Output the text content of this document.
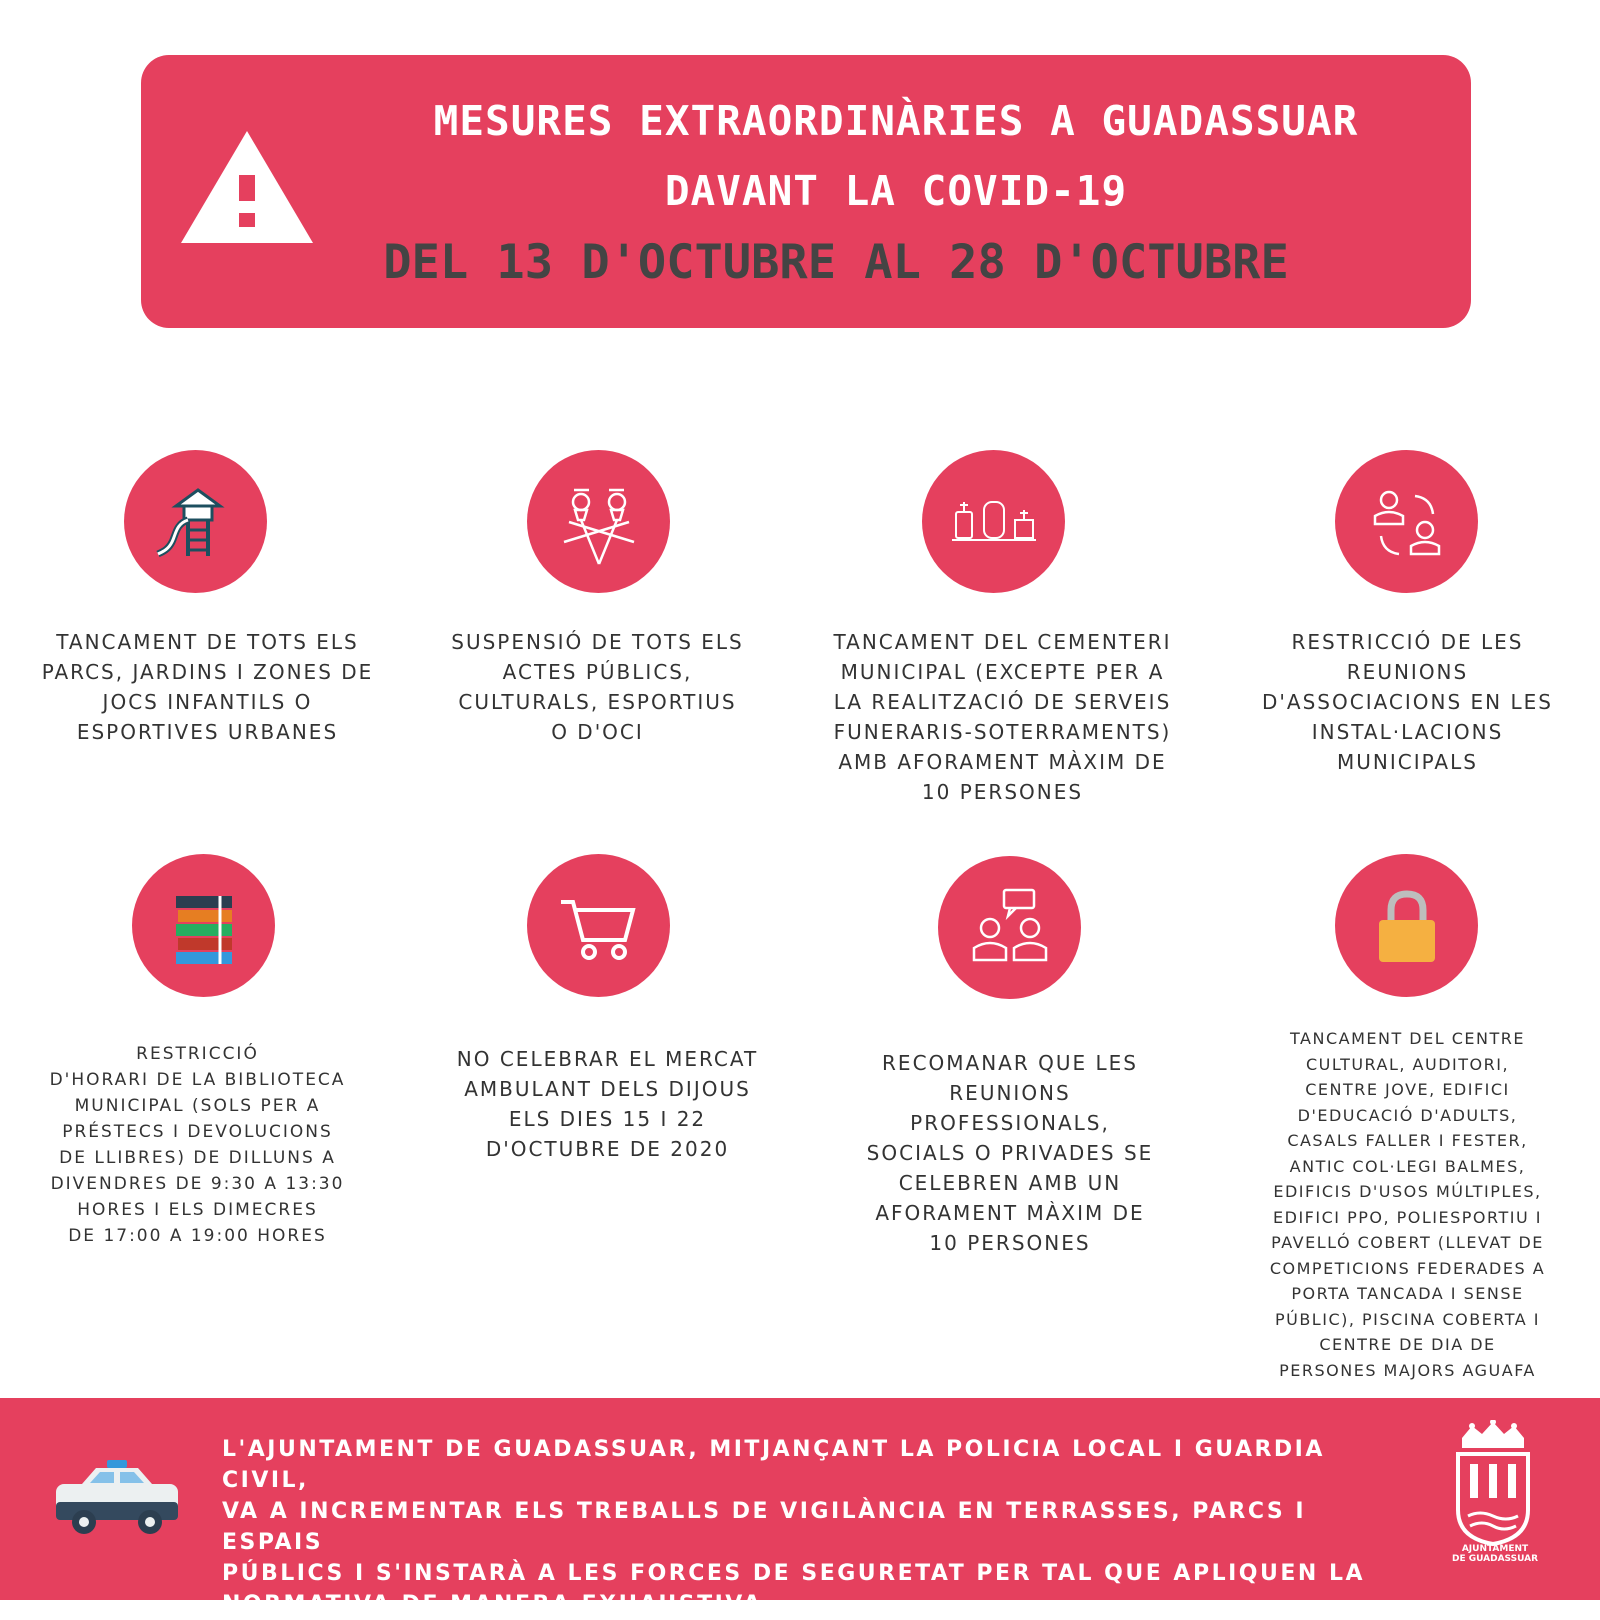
MESURES EXTRAORDINÀRIES A GUADASSUAR
DAVANT LA COVID-19
DEL 13 D'OCTUBRE AL 28 D'OCTUBRE
TANCAMENT DE TOTS ELS
PARCS, JARDINS I ZONES DE
JOCS INFANTILS O
ESPORTIVES URBANES
SUSPENSIÓ DE TOTS ELS
ACTES PÚBLICS,
CULTURALS, ESPORTIUS
O D'OCI
TANCAMENT DEL CEMENTERI
MUNICIPAL (EXCEPTE PER A
LA REALITZACIÓ DE SERVEIS
FUNERARIS-SOTERRAMENTS)
AMB AFORAMENT MÀXIM DE
10 PERSONES
RESTRICCIÓ DE LES
REUNIONS
D'ASSOCIACIONS EN LES
INSTAL·LACIONS
MUNICIPALS
RESTRICCIÓ
D'HORARI DE LA BIBLIOTECA
MUNICIPAL (SOLS PER A
PRÉSTECS I DEVOLUCIONS
DE LLIBRES) DE DILLUNS A
DIVENDRES DE 9:30 A 13:30
HORES I ELS DIMECRES
DE 17:00 A 19:00 HORES
NO CELEBRAR EL MERCAT
AMBULANT DELS DIJOUS
ELS DIES 15 I 22
D'OCTUBRE DE 2020
RECOMANAR QUE LES
REUNIONS
PROFESSIONALS,
SOCIALS O PRIVADES SE
CELEBREN AMB UN
AFORAMENT MÀXIM DE
10 PERSONES
TANCAMENT DEL CENTRE
CULTURAL, AUDITORI,
CENTRE JOVE, EDIFICI
D'EDUCACIÓ D'ADULTS,
CASALS FALLER I FESTER,
ANTIC COL·LEGI BALMES,
EDIFICIS D'USOS MÚLTIPLES,
EDIFICI PPO, POLIESPORTIU I
PAVELLÓ COBERT (LLEVAT DE
COMPETICIONS FEDERADES A
PORTA TANCADA I SENSE
PÚBLIC), PISCINA COBERTA I
CENTRE DE DIA DE
PERSONES MAJORS AGUAFA
L'AJUNTAMENT DE GUADASSUAR, MITJANÇANT LA POLICIA LOCAL I GUARDIA CIVIL,
VA A INCREMENTAR ELS TREBALLS DE VIGILÀNCIA EN TERRASSES, PARCS I ESPAIS
PÚBLICS I S'INSTARÀ A LES FORCES DE SEGURETAT PER TAL QUE APLIQUEN LA
NORMATIVA DE MANERA EXHAUSTIVA.
AJUNTAMENT
DE GUADASSUAR
